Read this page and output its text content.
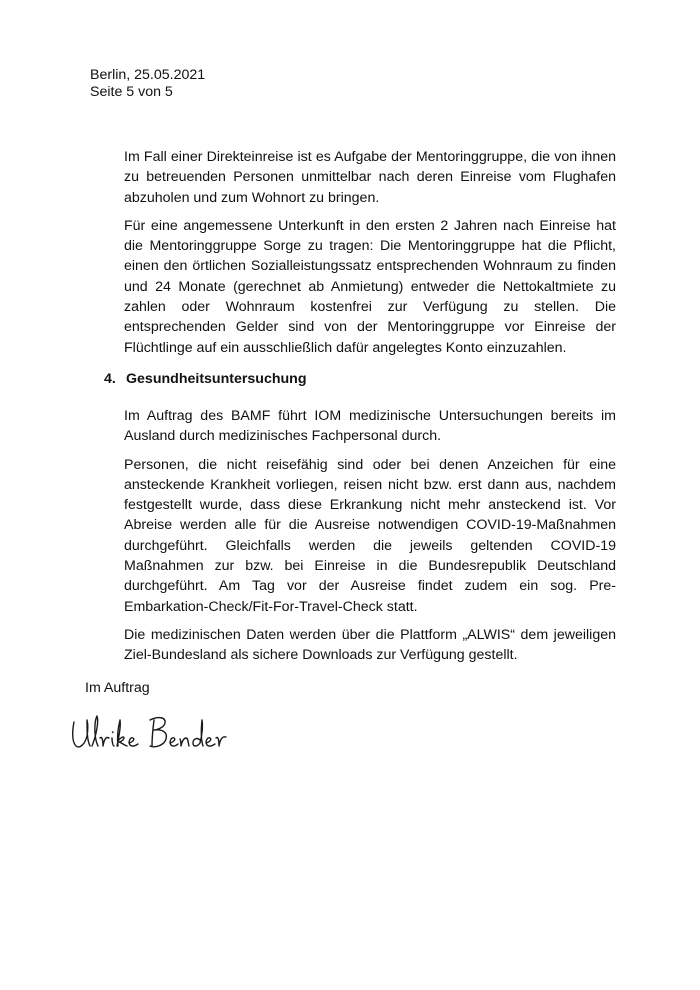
Berlin, 25.05.2021
Seite 5 von 5

Im Fall einer Direkteinreise ist es Aufgabe der Mentoringgruppe, die von ihnen zu betreuenden Personen unmittelbar nach deren Einreise vom Flughafen abzuholen und zum Wohnort zu bringen.

Für eine angemessene Unterkunft in den ersten 2 Jahren nach Einreise hat die Mentoringgruppe Sorge zu tragen: Die Mentoringgruppe hat die Pflicht, einen den örtlichen Sozialleistungssatz entsprechenden Wohnraum zu finden und 24 Monate (gerechnet ab Anmietung) entweder die Nettokaltmiete zu zahlen oder Wohnraum kostenfrei zur Verfügung zu stellen. Die entsprechenden Gelder sind von der Mentoringgruppe vor Einreise der Flüchtlinge auf ein ausschließlich dafür angelegtes Konto einzuzahlen.

4. Gesundheitsuntersuchung

Im Auftrag des BAMF führt IOM medizinische Untersuchungen bereits im Ausland durch medizinisches Fachpersonal durch.

Personen, die nicht reisefähig sind oder bei denen Anzeichen für eine ansteckende Krankheit vorliegen, reisen nicht bzw. erst dann aus, nachdem festgestellt wurde, dass diese Erkrankung nicht mehr ansteckend ist. Vor Abreise werden alle für die Ausreise notwendigen COVID-19-Maßnahmen durchgeführt. Gleichfalls werden die jeweils geltenden COVID-19 Maßnahmen zur bzw. bei Einreise in die Bundesrepublik Deutschland durchgeführt. Am Tag vor der Ausreise findet zudem ein sog. Pre-Embarkation-Check/Fit-For-Travel-Check statt.

Die medizinischen Daten werden über die Plattform „ALWIS“ dem jeweiligen Ziel-Bundesland als sichere Downloads zur Verfügung gestellt.

Im Auftrag
